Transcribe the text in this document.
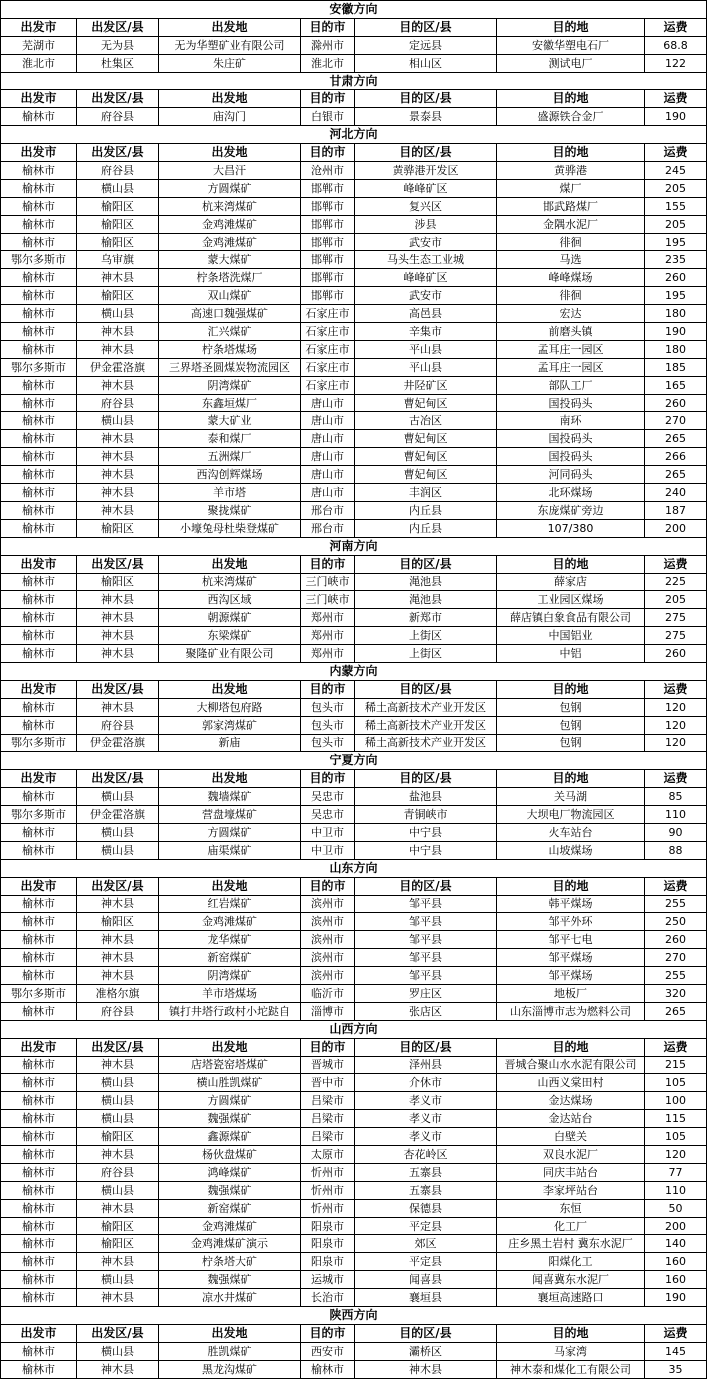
安徽方向						
出发市	出发区/县	出发地	目的市	目的区/县	目的地	运费
芜湖市	无为县	无为华塑矿业有限公司	滁州市	定远县	安徽华塑电石厂	68.8
淮北市	杜集区	朱庄矿	淮北市	相山区	测试电厂	122
甘肃方向						
出发市	出发区/县	出发地	目的市	目的区/县	目的地	运费
榆林市	府谷县	庙沟门	白银市	景泰县	盛源铁合金厂	190
河北方向						
出发市	出发区/县	出发地	目的市	目的区/县	目的地	运费
榆林市	府谷县	大昌汗	沧州市	黄骅港开发区	黄骅港	245
榆林市	横山县	方圆煤矿	邯郸市	峰峰矿区	煤厂	205
榆林市	榆阳区	杭来湾煤矿	邯郸市	复兴区	邯武路煤厂	155
榆林市	榆阳区	金鸡滩煤矿	邯郸市	涉县	金隅水泥厂	205
榆林市	榆阳区	金鸡滩煤矿	邯郸市	武安市	徘徊	195
鄂尔多斯市	乌审旗	蒙大煤矿	邯郸市	马头生态工业城	马选	235
榆林市	神木县	柠条塔洗煤厂	邯郸市	峰峰矿区	峰峰煤场	260
榆林市	榆阳区	双山煤矿	邯郸市	武安市	徘徊	195
榆林市	横山县	高速口魏强煤矿	石家庄市	高邑县	宏达	180
榆林市	神木县	汇兴煤矿	石家庄市	辛集市	前磨头镇	190
榆林市	神木县	柠条塔煤场	石家庄市	平山县	孟耳庄一园区	180
鄂尔多斯市	伊金霍洛旗	三界塔圣圆煤炭物流园区	石家庄市	平山县	孟耳庄一园区	185
榆林市	神木县	阴湾煤矿	石家庄市	井陉矿区	部队工厂	165
榆林市	府谷县	东鑫垣煤厂	唐山市	曹妃甸区	国投码头	260
榆林市	横山县	蒙大矿业	唐山市	古冶区	南环	270
榆林市	神木县	泰和煤厂	唐山市	曹妃甸区	国投码头	265
榆林市	神木县	五洲煤厂	唐山市	曹妃甸区	国投码头	266
榆林市	神木县	西沟创辉煤场	唐山市	曹妃甸区	河同码头	265
榆林市	神木县	羊市塔	唐山市	丰润区	北环煤场	240
榆林市	神木县	聚拢煤矿	邢台市	内丘县	东庞煤矿旁边	187
榆林市	榆阳区	小壕兔母杜柴登煤矿	邢台市	内丘县	107/380	200
河南方向						
出发市	出发区/县	出发地	目的市	目的区/县	目的地	运费
榆林市	榆阳区	杭来湾煤矿	三门峡市	渑池县	薛家店	225
榆林市	神木县	西沟区域	三门峡市	渑池县	工业园区煤场	205
榆林市	神木县	朝源煤矿	郑州市	新郑市	薛店镇白象食品有限公司	275
榆林市	神木县	东梁煤矿	郑州市	上街区	中国铝业	275
榆林市	神木县	聚隆矿业有限公司	郑州市	上街区	中铝	260
内蒙方向						
出发市	出发区/县	出发地	目的市	目的区/县	目的地	运费
榆林市	神木县	大柳塔包府路	包头市	稀土高新技术产业开发区	包钢	120
榆林市	府谷县	郭家湾煤矿	包头市	稀土高新技术产业开发区	包钢	120
鄂尔多斯市	伊金霍洛旗	新庙	包头市	稀土高新技术产业开发区	包钢	120
宁夏方向						
出发市	出发区/县	出发地	目的市	目的区/县	目的地	运费
榆林市	横山县	魏墙煤矿	吴忠市	盐池县	关马湖	85
鄂尔多斯市	伊金霍洛旗	营盘壕煤矿	吴忠市	青铜峡市	大坝电厂物流园区	110
榆林市	横山县	方圆煤矿	中卫市	中宁县	火车站台	90
榆林市	横山县	庙渠煤矿	中卫市	中宁县	山坡煤场	88
山东方向						
出发市	出发区/县	出发地	目的市	目的区/县	目的地	运费
榆林市	神木县	红岩煤矿	滨州市	邹平县	韩平煤场	255
榆林市	榆阳区	金鸡滩煤矿	滨州市	邹平县	邹平外环	250
榆林市	神木县	龙华煤矿	滨州市	邹平县	邹平七电	260
榆林市	神木县	新窑煤矿	滨州市	邹平县	邹平煤场	270
榆林市	神木县	阴湾煤矿	滨州市	邹平县	邹平煤场	255
鄂尔多斯市	准格尔旗	羊市塔煤场	临沂市	罗庄区	地板厂	320
榆林市	府谷县	镇打井塔行政村小坨跶自	淄博市	张店区	山东淄博市志为燃料公司	265
山西方向						
出发市	出发区/县	出发地	目的市	目的区/县	目的地	运费
榆林市	神木县	店塔瓷窑塔煤矿	晋城市	泽州县	晋城合聚山水水泥有限公司	215
榆林市	横山县	横山胜凯煤矿	晋中市	介休市	山西义棠田村	105
榆林市	横山县	方圆煤矿	吕梁市	孝义市	金达煤场	100
榆林市	横山县	魏强煤矿	吕梁市	孝义市	金达站台	115
榆林市	榆阳区	鑫源煤矿	吕梁市	孝义市	白壁关	105
榆林市	神木县	杨伙盘煤矿	太原市	杏花岭区	双良水泥厂	120
榆林市	府谷县	鸿峰煤矿	忻州市	五寨县	同庆丰站台	77
榆林市	横山县	魏强煤矿	忻州市	五寨县	李家坪站台	110
榆林市	神木县	新窑煤矿	忻州市	保德县	东恒	50
榆林市	榆阳区	金鸡滩煤矿	阳泉市	平定县	化工厂	200
榆林市	榆阳区	金鸡滩煤矿演示	阳泉市	郊区	庄乡黑土岩村 冀东水泥厂	140
榆林市	神木县	柠条塔大矿	阳泉市	平定县	阳煤化工	160
榆林市	横山县	魏强煤矿	运城市	闻喜县	闻喜冀东水泥厂	160
榆林市	神木县	凉水井煤矿	长治市	襄垣县	襄垣高速路口	190
陕西方向						
出发市	出发区/县	出发地	目的市	目的区/县	目的地	运费
榆林市	横山县	胜凯煤矿	西安市	灞桥区	马家湾	145
榆林市	神木县	黑龙沟煤矿	榆林市	神木县	神木泰和煤化工有限公司	35
